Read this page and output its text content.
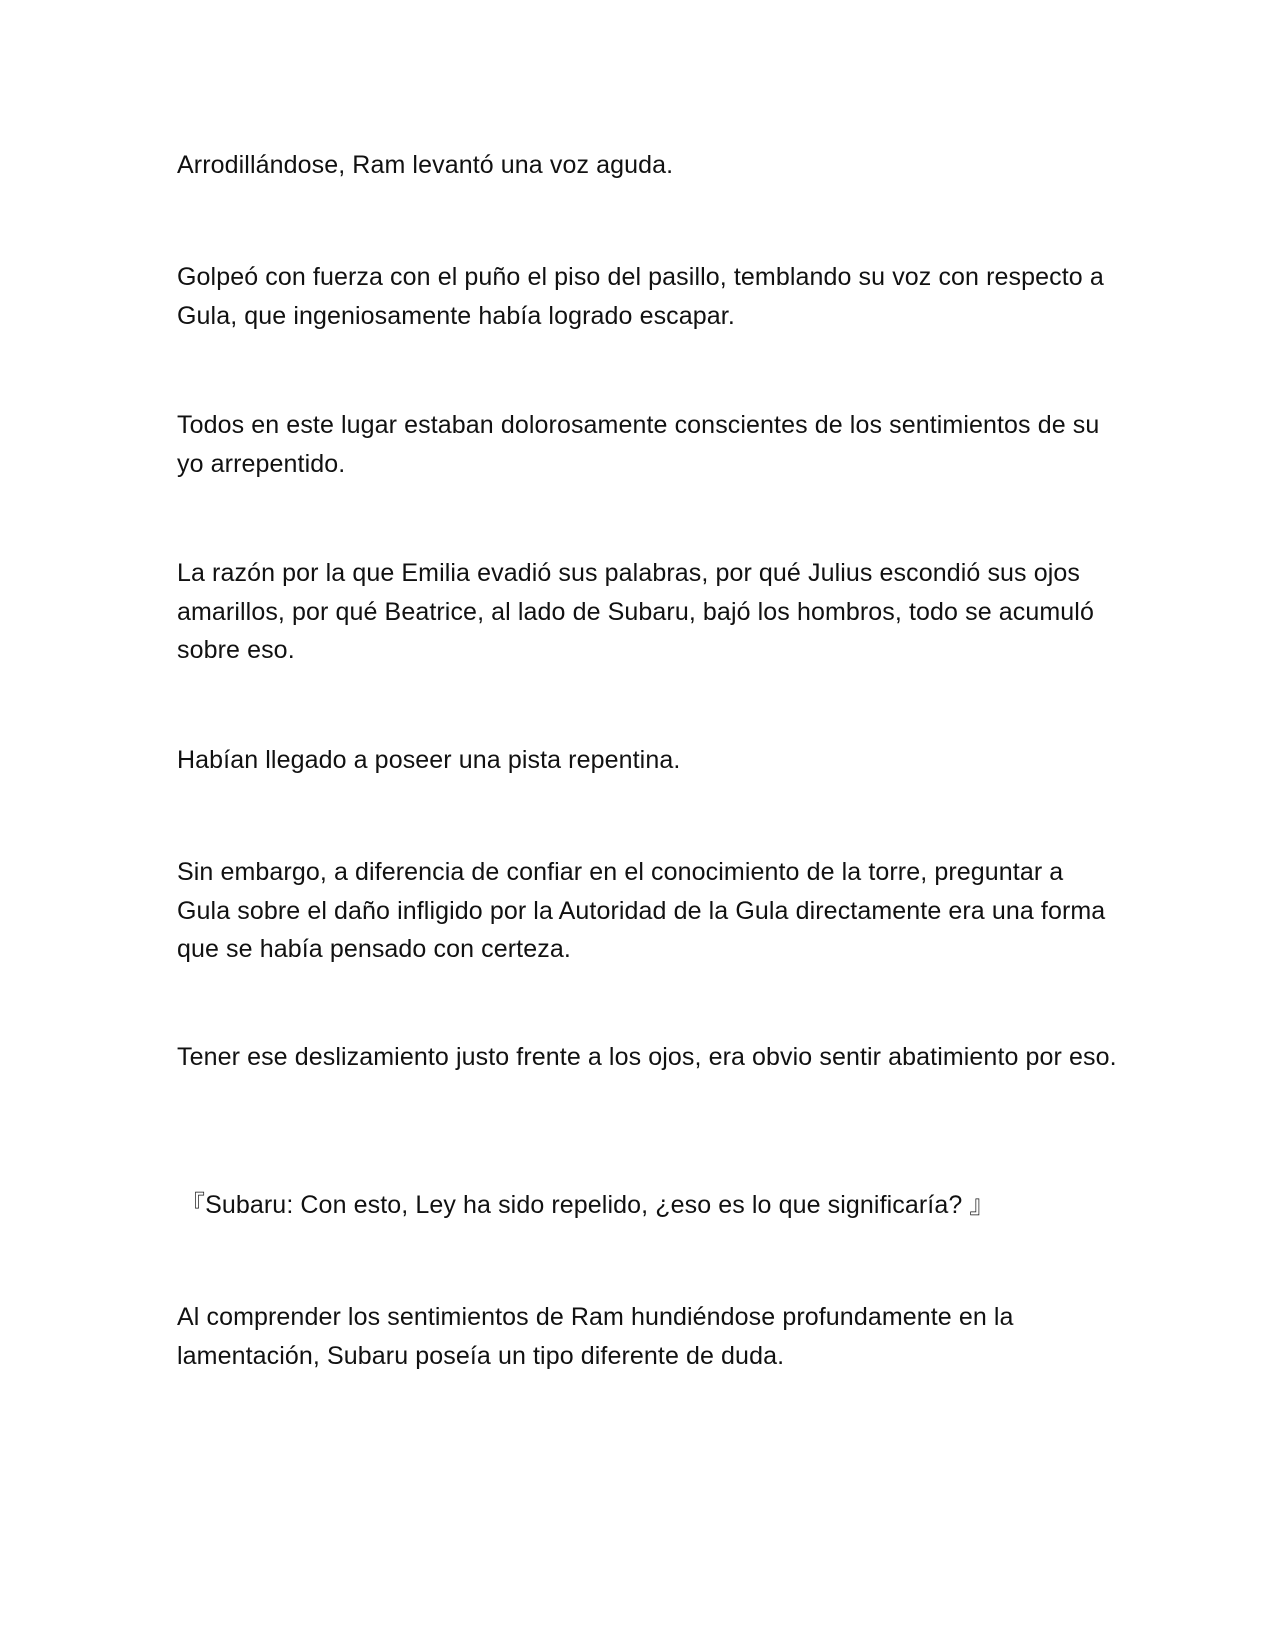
Arrodillándose, Ram levantó una voz aguda.

Golpeó con fuerza con el puño el piso del pasillo, temblando su voz con respecto a Gula, que ingeniosamente había logrado escapar.

Todos en este lugar estaban dolorosamente conscientes de los sentimientos de su yo arrepentido.

La razón por la que Emilia evadió sus palabras, por qué Julius escondió sus ojos amarillos, por qué Beatrice, al lado de Subaru, bajó los hombros, todo se acumuló sobre eso.

Habían llegado a poseer una pista repentina.

Sin embargo, a diferencia de confiar en el conocimiento de la torre, preguntar a Gula sobre el daño infligido por la Autoridad de la Gula directamente era una forma que se había pensado con certeza.

Tener ese deslizamiento justo frente a los ojos, era obvio sentir abatimiento por eso.

『Subaru: Con esto, Ley ha sido repelido, ¿eso es lo que significaría? 』

Al comprender los sentimientos de Ram hundiéndose profundamente en la lamentación, Subaru poseía un tipo diferente de duda.
